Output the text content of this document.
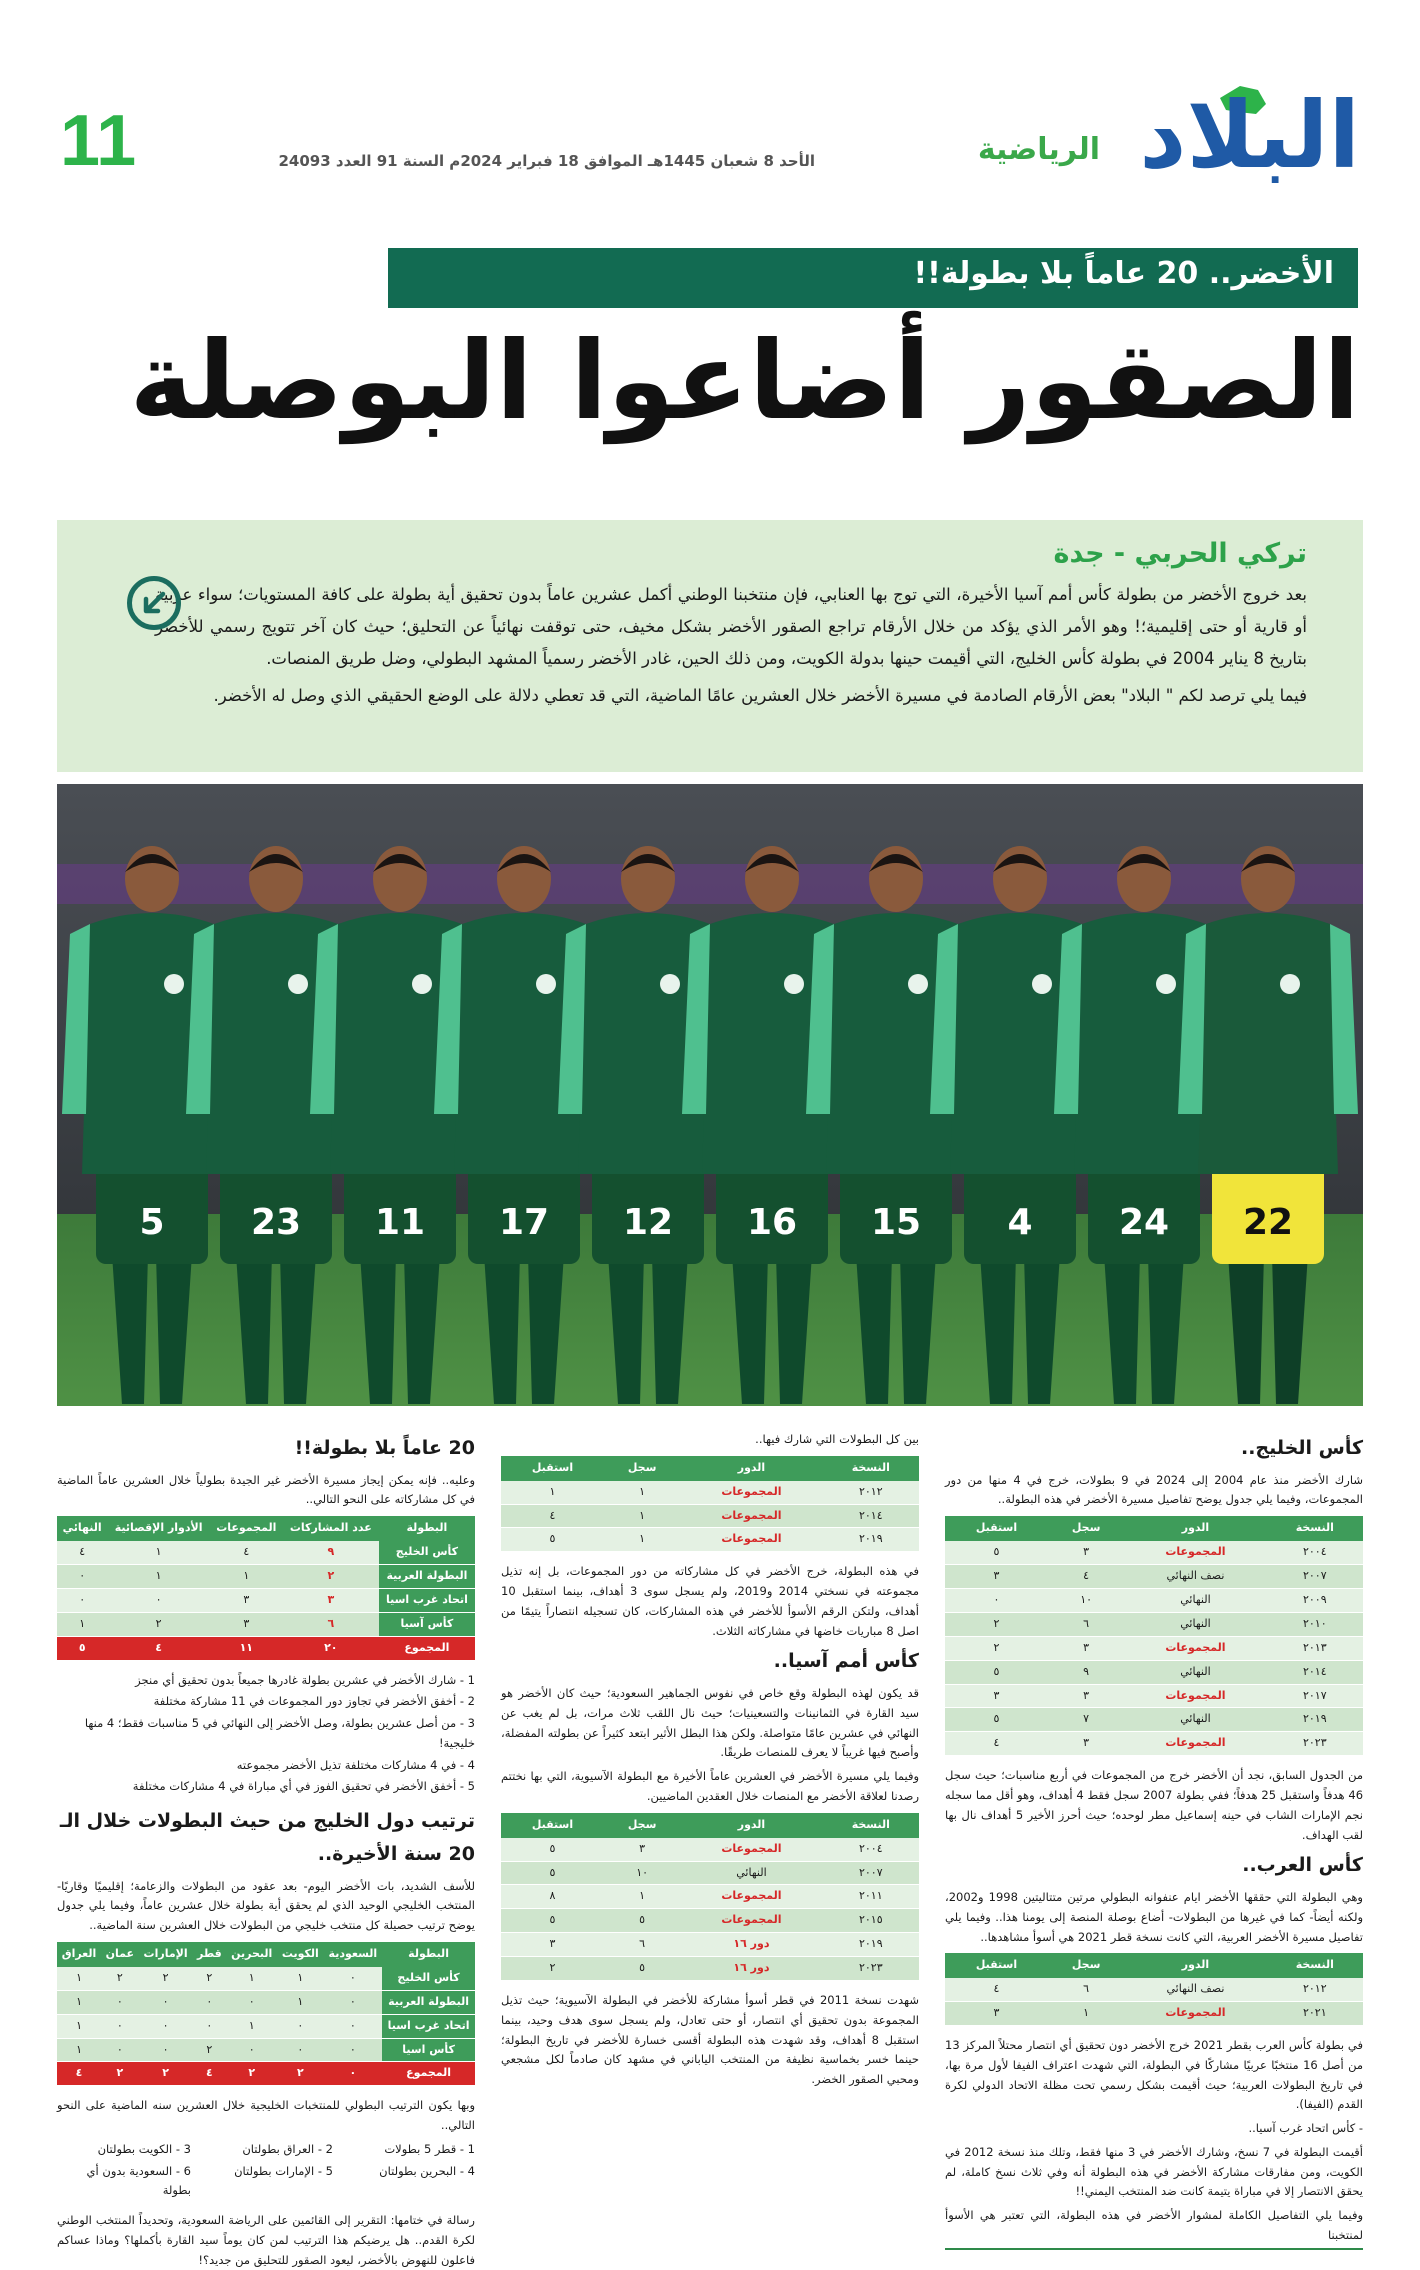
البلاد
الرياضية
الأحد 8 شعبان 1445هـ الموافق 18 فبراير 2024م السنة 91 العدد 24093
11
الأخضر.. 20 عاماً بلا بطولة!!
الصقور أضاعوا البوصلة
تركي الحربي - جدة

بعد خروج الأخضر من بطولة كأس أمم آسيا الأخيرة، التي توج بها العنابي، فإن منتخبنا الوطني أكمل عشرين عاماً بدون تحقيق أية بطولة على كافة المستويات؛ سواء عربية أو قارية أو حتى إقليمية؛! وهو الأمر الذي يؤكد من خلال الأرقام تراجع الصقور الأخضر بشكل مخيف، حتى توقفت نهائياً عن التحليق؛ حيث كان آخر تتويج رسمي للأخضر بتاريخ 8 يناير 2004 في بطولة كأس الخليج، التي أقيمت حينها بدولة الكويت، ومن ذلك الحين، غادر الأخضر رسمياً المشهد البطولي، وضل طريق المنصات.

فيما يلي ترصد لكم " البلاد" بعض الأرقام الصادمة في مسيرة الأخضر خلال العشرين عامًا الماضية، التي قد تعطي دلالة على الوضع الحقيقي الذي وصل له الأخضر.

5 23 11 17 12 16 15 4 24 22
كأس الخليج..

شارك الأخضر منذ عام 2004 إلى 2024 في 9 بطولات، خرج في 4 منها من دور المجموعات، وفيما يلي جدول يوضح تفاصيل مسيرة الأخضر في هذه البطولة..

النسخة	الدور	سجل	استقبل
٢٠٠٤	المجموعات	٣	٥
٢٠٠٧	نصف النهائي	٤	٣
٢٠٠٩	النهائي	١٠	٠
٢٠١٠	النهائي	٦	٢
٢٠١٣	المجموعات	٣	٢
٢٠١٤	النهائي	٩	٥
٢٠١٧	المجموعات	٣	٣
٢٠١٩	النهائي	٧	٥
٢٠٢٣	المجموعات	٣	٤

من الجدول السابق، نجد أن الأخضر خرج من المجموعات في أربع مناسبات؛ حيث سجل 46 هدفاً واستقبل 25 هدفاً؛ ففي بطولة 2007 سجل فقط 4 أهداف، وهو أقل مما سجله نجم الإمارات الشاب في حينه إسماعيل مطر لوحده؛ حيث أحرز الأخير 5 أهداف نال بها لقب الهداف.

كأس العرب..

وهي البطولة التي حققها الأخضر ايام عنفوانه البطولي مرتين متتاليتين 1998 و2002، ولكنه أيضاً- كما في غيرها من البطولات- أضاع بوصلة المنصة إلى يومنا هذا.. وفيما يلي تفاصيل مسيرة الأخضر العربية، التي كانت نسخة قطر 2021 هي أسوأ مشاهدها..

النسخة	الدور	سجل	استقبل
٢٠١٢	نصف النهائي	٦	٤
٢٠٢١	المجموعات	١	٣

في بطولة كأس العرب بقطر 2021 خرج الأخضر دون تحقيق أي انتصار محتلاً المركز 13 من أصل 16 منتخبًا عربيًا مشاركًا في البطولة، التي شهدت اعتراف الفيفا لأول مرة بها، في تاريخ البطولات العربية؛ حيث أقيمت بشكل رسمي تحت مظلة الاتحاد الدولي لكرة القدم (الفيفا).

- كأس اتحاد غرب آسيا..

أقيمت البطولة في 7 نسخ، وشارك الأخضر في 3 منها فقط، وتلك منذ نسخة 2012 في الكويت، ومن مفارقات مشاركة الأخضر في هذه البطولة أنه وفي ثلاث نسخ كاملة، لم يحقق الانتصار إلا في مباراة يتيمة كانت ضد المنتخب اليمني!!

وفيما يلي التفاصيل الكاملة لمشوار الأخضر في هذه البطولة، التي تعتبر هي الأسوأ لمنتخبنا

بين كل البطولات التي شارك فيها..

النسخة	الدور	سجل	استقبل
٢٠١٢	المجموعات	١	١
٢٠١٤	المجموعات	١	٤
٢٠١٩	المجموعات	١	٥

في هذه البطولة، خرج الأخضر في كل مشاركاته من دور المجموعات، بل إنه تذيل مجموعته في نسختي 2014 و2019، ولم يسجل سوى 3 أهداف، بينما استقبل 10 أهداف، ولتكن الرقم الأسوأ للأخضر في هذه المشاركات، كان تسجيله انتصاراً يتيمًا من اصل 8 مباريات خاضها في مشاركاته الثلاث.

كأس أمم آسيا..

قد يكون لهذه البطولة وقع خاص في نفوس الجماهير السعودية؛ حيث كان الأخضر هو سيد القارة في الثمانينات والتسعينيات؛ حيث نال اللقب ثلاث مرات، بل لم يغب عن النهائي في عشرين عامًا متواصلة. ولكن هذا البطل الأثير ابتعد كثيراً عن بطولته المفضلة، وأصبح فيها غريباً لا يعرف للمنصات طريقًا.

وفيما يلي مسيرة الأخضر في العشرين عاماً الأخيرة مع البطولة الآسيوية، التي بها نختتم رصدنا لعلاقة الأخضر مع المنصات خلال العقدين الماضيين.

النسخة	الدور	سجل	استقبل
٢٠٠٤	المجموعات	٣	٥
٢٠٠٧	النهائي	١٠	٥
٢٠١١	المجموعات	١	٨
٢٠١٥	المجموعات	٥	٥
٢٠١٩	دور ١٦	٦	٣
٢٠٢٣	دور ١٦	٥	٢

شهدت نسخة 2011 في قطر أسوأ مشاركة للأخضر في البطولة الآسيوية؛ حيث تذيل المجموعة بدون تحقيق أي انتصار، أو حتى تعادل، ولم يسجل سوى هدف وحيد، بينما استقبل 8 أهداف، وقد شهدت هذه البطولة أقسى خسارة للأخضر في تاريخ البطولة؛ حينما خسر بخماسية نظيفة من المنتخب الياباني في مشهد كان صادماً لكل مشجعي ومحبي الصقور الخضر.

20 عاماً بلا بطولة!!

وعليه.. فإنه يمكن إيجاز مسيرة الأخضر غير الجيدة بطولياً خلال العشرين عاماً الماضية في كل مشاركاته على النحو التالي..

البطولة	عدد المشاركات	المجموعات	الأدوار الإقصائية	النهائي
كأس الخليج	٩	٤	١	٤
البطولة العربية	٢	١	١	٠
اتحاد غرب اسيا	٣	٣	٠	٠
كأس آسيا	٦	٣	٢	١
المجموع	٢٠	١١	٤	٥
1 - شارك الأخضر في عشرين بطولة غادرها جميعاً بدون تحقيق أي منجز
2 - أخفق الأخضر في تجاوز دور المجموعات في 11 مشاركة مختلفة
3 - من أصل عشرين بطولة، وصل الأخضر إلى النهائي في 5 مناسبات فقط؛ 4 منها خليجية!
4 - في 4 مشاركات مختلفة تذيل الأخضر مجموعته
5 - أخفق الأخضر في تحقيق الفوز في أي مباراة في 4 مشاركات مختلفة
ترتيب دول الخليج من حيث البطولات خلال الـ 20 سنة الأخيرة..

للأسف الشديد، بات الأخضر اليوم- بعد عقود من البطولات والزعامة؛ إقليميًا وقاريًا- المنتخب الخليجي الوحيد الذي لم يحقق أية بطولة خلال عشرين عاماً، وفيما يلي جدول يوضح ترتيب حصيلة كل منتخب خليجي من البطولات خلال العشرين سنة الماضية..

البطولة	السعودية	الكويت	البحرين	قطر	الإمارات	عمان	العراق
كأس الخليج	٠	١	١	٢	٢	٢	١
البطولة العربية	٠	١	٠	٠	٠	٠	١
اتحاد غرب اسيا	٠	٠	١	٠	٠	٠	١
كأس اسيا	٠	٠	٠	٢	٠	٠	١
المجموع	٠	٢	٢	٤	٢	٢	٤

وبها يكون الترتيب البطولي للمنتخبات الخليجية خلال العشرين سنه الماضية على النحو التالي..

1 - قطر 5 بطولات
2 - العراق بطولتان
3 - الكويت بطولتان
4 - البحرين بطولتان
5 - الإمارات بطولتان
6 - السعودية بدون أي بطولة

رسالة في ختامها: التقرير إلى القائمين على الرياضة السعودية، وتحديداً المنتخب الوطني لكرة القدم.. هل يرضيكم هذا الترتيب لمن كان يوماً سيد القارة بأكملها؟ وماذا عساكم فاعلون للنهوض بالأخضر، ليعود الصقور للتحليق من جديد؟!
